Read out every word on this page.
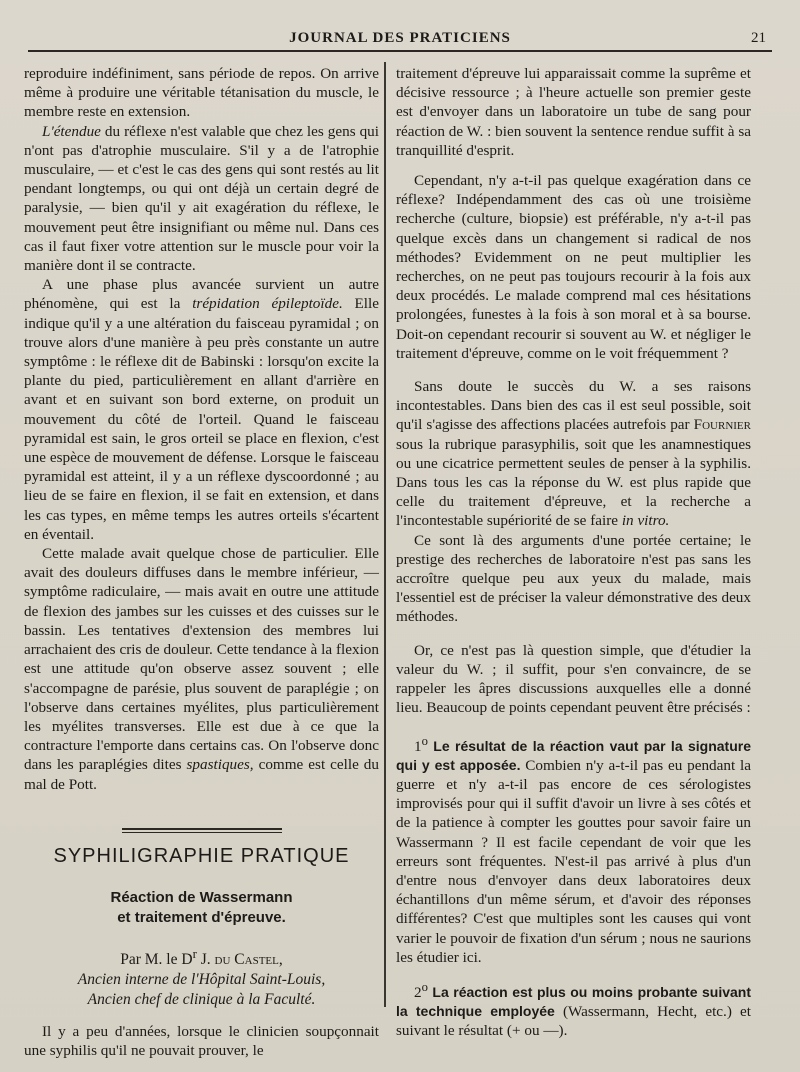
JOURNAL DES PRATICIENS	21

reproduire indéfiniment, sans période de repos. On arrive même à produire une véritable tétanisation du muscle, le membre reste en extension.

L'étendue du réflexe n'est valable que chez les gens qui n'ont pas d'atrophie musculaire. S'il y a de l'atrophie musculaire, — et c'est le cas des gens qui sont restés au lit pendant longtemps, ou qui ont déjà un certain degré de paralysie, — bien qu'il y ait exagération du réflexe, le mouvement peut être insignifiant ou même nul. Dans ces cas il faut fixer votre attention sur le muscle pour voir la manière dont il se contracte.

A une phase plus avancée survient un autre phénomène, qui est la trépidation épileptoïde. Elle indique qu'il y a une altération du faisceau pyramidal ; on trouve alors d'une manière à peu près constante un autre symptôme : le réflexe dit de Babinski : lorsqu'on excite la plante du pied, particulièrement en allant d'arrière en avant et en suivant son bord externe, on produit un mouvement du côté de l'orteil. Quand le faisceau pyramidal est sain, le gros orteil se place en flexion, c'est une espèce de mouvement de défense. Lorsque le faisceau pyramidal est atteint, il y a un réflexe dyscoordonné ; au lieu de se faire en flexion, il se fait en extension, et dans les cas types, en même temps les autres orteils s'écartent en éventail.

Cette malade avait quelque chose de particulier. Elle avait des douleurs diffuses dans le membre inférieur, — symptôme radiculaire, — mais avait en outre une attitude de flexion des jambes sur les cuisses et des cuisses sur le bassin. Les tentatives d'extension des membres lui arrachaient des cris de douleur. Cette tendance à la flexion est une attitude qu'on observe assez souvent ; elle s'accompagne de parésie, plus souvent de paraplégie ; on l'observe dans certaines myélites, plus particulièrement les myélites transverses. Elle est due à ce que la contracture l'emporte dans certains cas. On l'observe donc dans les paraplégies dites spastiques, comme est celle du mal de Pott.

SYPHILIGRAPHIE PRATIQUE
Réaction de Wassermann
et traitement d'épreuve.
Par M. le $D^r$ J. du Castel,
Ancien interne de l'Hôpital Saint-Louis,
Ancien chef de clinique à la Faculté.

Il y a peu d'années, lorsque le clinicien soupçonnait une syphilis qu'il ne pouvait prouver, le

traitement d'épreuve lui apparaissait comme la suprême et décisive ressource ; à l'heure actuelle son premier geste est d'envoyer dans un laboratoire un tube de sang pour réaction de W. : bien souvent la sentence rendue suffit à sa tranquillité d'esprit.

Cependant, n'y a-t-il pas quelque exagération dans ce réflexe? Indépendamment des cas où une troisième recherche (culture, biopsie) est préférable, n'y a-t-il pas quelque excès dans un changement si radical de nos méthodes? Evidemment on ne peut multiplier les recherches, on ne peut pas toujours recourir à la fois aux deux procédés. Le malade comprend mal ces hésitations prolongées, funestes à la fois à son moral et à sa bourse. Doit-on cependant recourir si souvent au W. et négliger le traitement d'épreuve, comme on le voit fréquemment ?

Sans doute le succès du W. a ses raisons incontestables. Dans bien des cas il est seul possible, soit qu'il s'agisse des affections placées autrefois par Fournier sous la rubrique parasyphilis, soit que les anamnestiques ou une cicatrice permettent seules de penser à la syphilis. Dans tous les cas la réponse du W. est plus rapide que celle du traitement d'épreuve, et la recherche a l'incontestable supériorité de se faire in vitro.

Ce sont là des arguments d'une portée certaine; le prestige des recherches de laboratoire n'est pas sans les accroître quelque peu aux yeux du malade, mais l'essentiel est de préciser la valeur démonstrative des deux méthodes.

Or, ce n'est pas là question simple, que d'étudier la valeur du W. ; il suffit, pour s'en convaincre, de se rappeler les âpres discussions auxquelles elle a donné lieu. Beaucoup de points cependant peuvent être précisés :

1$^o$ Le résultat de la réaction vaut par la signature qui y est apposée. Combien n'y a-t-il pas eu pendant la guerre et n'y a-t-il pas encore de ces sérologistes improvisés pour qui il suffit d'avoir un livre à ses côtés et de la patience à compter les gouttes pour savoir faire un Wassermann ? Il est facile cependant de voir que les erreurs sont fréquentes. N'est-il pas arrivé à plus d'un d'entre nous d'envoyer dans deux laboratoires deux échantillons d'un même sérum, et d'avoir des réponses différentes? C'est que multiples sont les causes qui vont varier le pouvoir de fixation d'un sérum ; nous ne saurions les étudier ici.

2$^o$ La réaction est plus ou moins probante suivant la technique employée (Wassermann, Hecht, etc.) et suivant le résultat (+ ou —).
